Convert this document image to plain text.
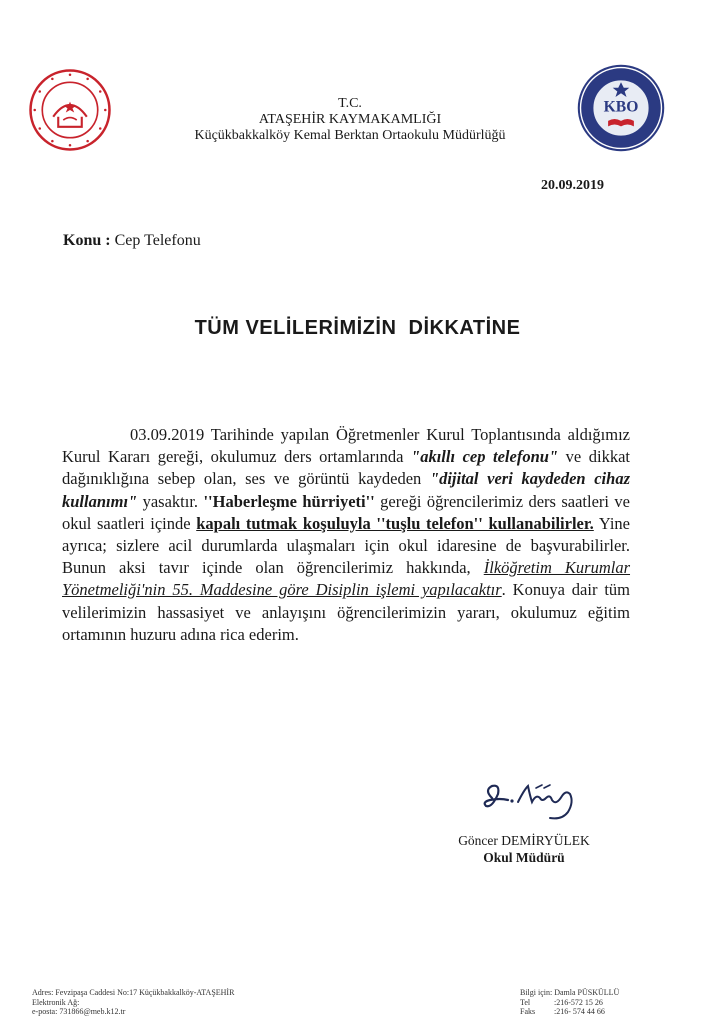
T.C.
ATAŞEHİR KAYMAKAMLIĞI
Küçükbakkalköy Kemal Berktan Ortaokulu Müdürlüğü
KBO
20.09.2019
Konu : Cep Telefonu
TÜM VELİLERİMİZİN  DİKKATİNE
03.09.2019 Tarihinde yapılan Öğretmenler Kurul Toplantısında aldığımız Kurul Kararı gereği, okulumuz ders ortamlarında "akıllı cep telefonu" ve dikkat dağınıklığına sebep olan, ses ve görüntü kaydeden "dijital veri kaydeden cihaz kullanımı" yasaktır. ''Haberleşme hürriyeti'' gereği öğrencilerimiz ders saatleri ve okul saatleri içinde kapalı tutmak koşuluyla ''tuşlu telefon'' kullanabilirler. Yine ayrıca; sizlere acil durumlarda ulaşmaları için okul idaresine de başvurabilirler. Bunun aksi tavır içinde olan öğrencilerimiz hakkında, İlköğretim Kurumlar Yönetmeliği'nin 55. Maddesine göre Disiplin işlemi yapılacaktır. Konuya dair tüm velilerimizin hassasiyet ve anlayışını öğrencilerimizin yararı, okulumuz eğitim ortamının huzuru adına rica ederim.
Göncer DEMİRYÜLEK
Okul Müdürü
Adres: Fevzipaşa Caddesi No:17 Küçükbakkalköy-ATAŞEHİR
Elektronik Ağ:
e-posta: 731866@meb.k12.tr
Bilgi için: Damla PÜSKÜLLÜ
Tel	:216-572 15 26
Faks :216- 574 44 66
